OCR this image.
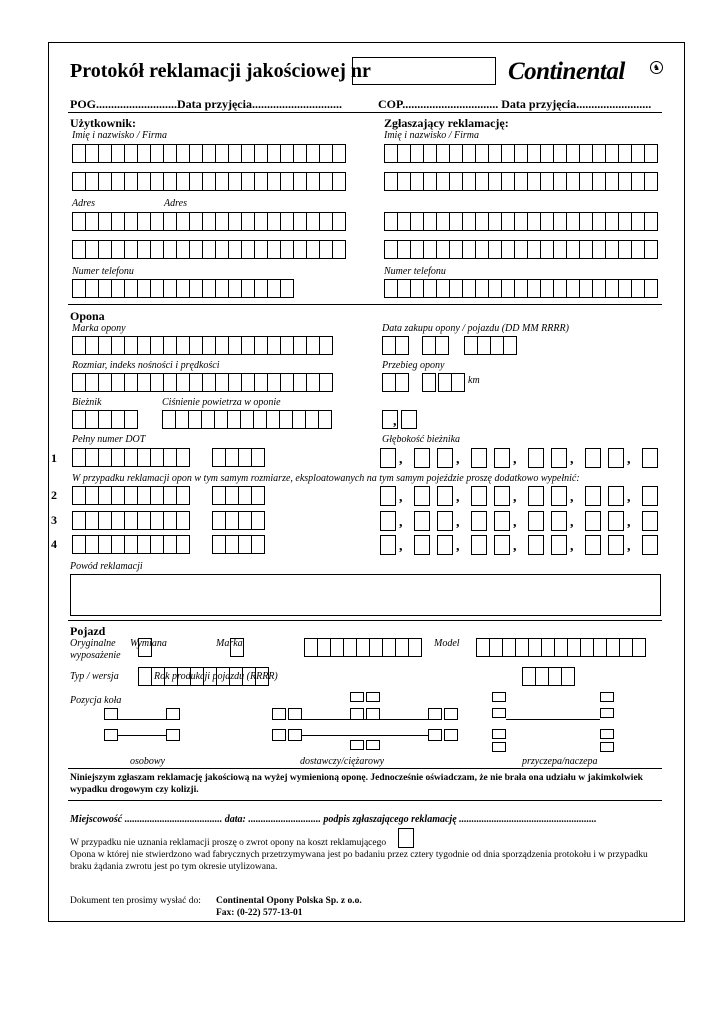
Protokół reklamacji jakościowej nr	Continental	♞
POG...........................Data przyjęcia..............................	COP................................ Data przyjęcia.........................
Użytkownik:	Zgłaszający reklamację:
Imię i nazwisko / Firma	Imię i nazwisko / Firma
Adres	Adres
Numer telefonu	Numer telefonu
Opona
Marka opony	Data zakupu opony / pojazdu (DD MM RRRR)
Rozmiar, indeks nośności i prędkości	Przebieg opony
km
Bieżnik	Ciśnienie powietrza w oponie
,
Pełny numer DOT	Głębokość bieżnika
1	,	,	,	,	,
W przypadku reklamacji opon w tym samym rozmiarze, eksploatowanych na tym samym pojeździe proszę dodatkowo wypełnić:
2	,	,	,	,	,
3	,	,	,	,	,
4	,	,	,	,	,
Powód reklamacji
Pojazd
Oryginalne
wyposażenie
Wymiana	Marka	Model
Typ / wersja	Rok produkcji pojazdu (RRRR)
Pozycja koła
osobowy	dostawczy/ciężarowy	przyczepa/naczepa
Niniejszym zgłaszam reklamację jakościową na wyżej wymienioną oponę. Jednocześnie oświadczam, że nie brała ona udziału w jakimkolwiek wypadku drogowym czy kolizji.
Miejscowość ....................................... data: ............................. podpis zgłaszającego reklamację .......................................................
W przypadku nie uznania reklamacji proszę o zwrot opony na koszt reklamującego
Opona w której nie stwierdzono wad fabrycznych przetrzymywana jest po badaniu przez cztery tygodnie od dnia sporządzenia protokołu i w przypadku braku żądania zwrotu jest po tym okresie utylizowana.
Dokument ten prosimy wysłać do: Continental Opony Polska Sp. z o.o.
Fax: (0-22) 577-13-01
